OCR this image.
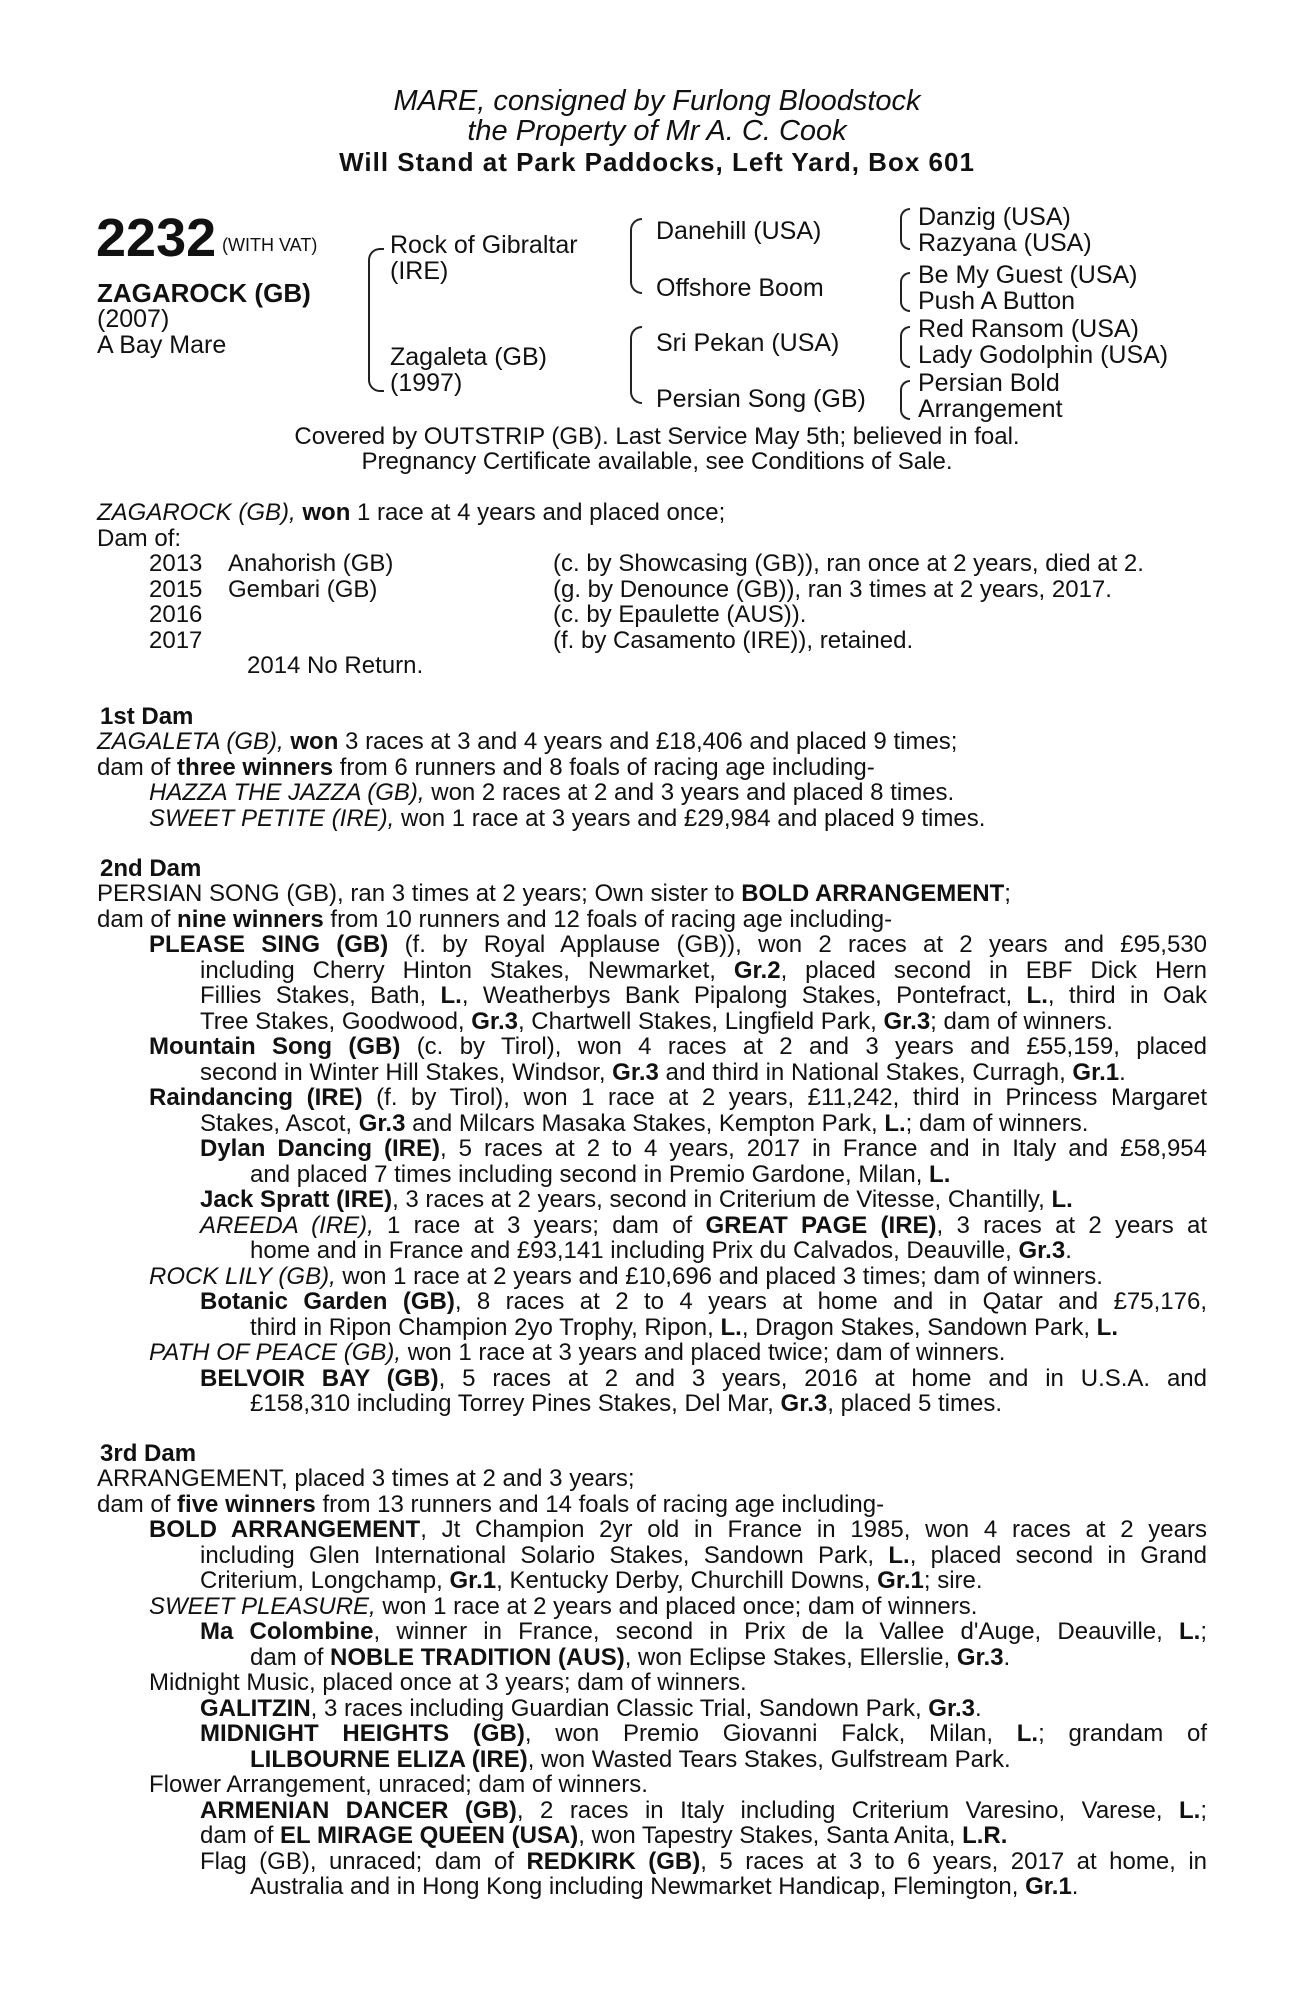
MARE, consigned by Furlong Bloodstock
the Property of Mr A. C. Cook
Will Stand at Park Paddocks, Left Yard, Box 601
2232 (WITH VAT)
ZAGAROCK (GB)
(2007)
A Bay Mare
Rock of Gibraltar
(IRE)
Zagaleta (GB)
(1997)
Danehill (USA)
Offshore Boom
Sri Pekan (USA)
Persian Song (GB)
Danzig (USA)
Razyana (USA)
Be My Guest (USA)
Push A Button
Red Ransom (USA)
Lady Godolphin (USA)
Persian Bold
Arrangement
Covered by OUTSTRIP (GB). Last Service May 5th; believed in foal.
Pregnancy Certificate available, see Conditions of Sale.
ZAGAROCK (GB), won 1 race at 4 years and placed once;
Dam of:
2013 Anahorish (GB)	(c. by Showcasing (GB)), ran once at 2 years, died at 2.
2015 Gembari (GB)	(g. by Denounce (GB)), ran 3 times at 2 years, 2017.
2016	(c. by Epaulette (AUS)).
2017	(f. by Casamento (IRE)), retained.
2014 No Return.
1st Dam
ZAGALETA (GB), won 3 races at 3 and 4 years and £18,406 and placed 9 times;
dam of three winners from 6 runners and 8 foals of racing age including-
HAZZA THE JAZZA (GB), won 2 races at 2 and 3 years and placed 8 times.
SWEET PETITE (IRE), won 1 race at 3 years and £29,984 and placed 9 times.
2nd Dam
PERSIAN SONG (GB), ran 3 times at 2 years; Own sister to BOLD ARRANGEMENT;
dam of nine winners from 10 runners and 12 foals of racing age including-
PLEASE SING (GB) (f. by Royal Applause (GB)), won 2 races at 2 years and £95,530
including Cherry Hinton Stakes, Newmarket, Gr.2, placed second in EBF Dick Hern
Fillies Stakes, Bath, L., Weatherbys Bank Pipalong Stakes, Pontefract, L., third in Oak
Tree Stakes, Goodwood, Gr.3, Chartwell Stakes, Lingfield Park, Gr.3; dam of winners.
Mountain Song (GB) (c. by Tirol), won 4 races at 2 and 3 years and £55,159, placed
second in Winter Hill Stakes, Windsor, Gr.3 and third in National Stakes, Curragh, Gr.1.
Raindancing (IRE) (f. by Tirol), won 1 race at 2 years, £11,242, third in Princess Margaret
Stakes, Ascot, Gr.3 and Milcars Masaka Stakes, Kempton Park, L.; dam of winners.
Dylan Dancing (IRE), 5 races at 2 to 4 years, 2017 in France and in Italy and £58,954
and placed 7 times including second in Premio Gardone, Milan, L.
Jack Spratt (IRE), 3 races at 2 years, second in Criterium de Vitesse, Chantilly, L.
AREEDA (IRE), 1 race at 3 years; dam of GREAT PAGE (IRE), 3 races at 2 years at
home and in France and £93,141 including Prix du Calvados, Deauville, Gr.3.
ROCK LILY (GB), won 1 race at 2 years and £10,696 and placed 3 times; dam of winners.
Botanic Garden (GB), 8 races at 2 to 4 years at home and in Qatar and £75,176,
third in Ripon Champion 2yo Trophy, Ripon, L., Dragon Stakes, Sandown Park, L.
PATH OF PEACE (GB), won 1 race at 3 years and placed twice; dam of winners.
BELVOIR BAY (GB), 5 races at 2 and 3 years, 2016 at home and in U.S.A. and
£158,310 including Torrey Pines Stakes, Del Mar, Gr.3, placed 5 times.
3rd Dam
ARRANGEMENT, placed 3 times at 2 and 3 years;
dam of five winners from 13 runners and 14 foals of racing age including-
BOLD ARRANGEMENT, Jt Champion 2yr old in France in 1985, won 4 races at 2 years
including Glen International Solario Stakes, Sandown Park, L., placed second in Grand
Criterium, Longchamp, Gr.1, Kentucky Derby, Churchill Downs, Gr.1; sire.
SWEET PLEASURE, won 1 race at 2 years and placed once; dam of winners.
Ma Colombine, winner in France, second in Prix de la Vallee d'Auge, Deauville, L.;
dam of NOBLE TRADITION (AUS), won Eclipse Stakes, Ellerslie, Gr.3.
Midnight Music, placed once at 3 years; dam of winners.
GALITZIN, 3 races including Guardian Classic Trial, Sandown Park, Gr.3.
MIDNIGHT HEIGHTS (GB), won Premio Giovanni Falck, Milan, L.; grandam of
LILBOURNE ELIZA (IRE), won Wasted Tears Stakes, Gulfstream Park.
Flower Arrangement, unraced; dam of winners.
ARMENIAN DANCER (GB), 2 races in Italy including Criterium Varesino, Varese, L.;
dam of EL MIRAGE QUEEN (USA), won Tapestry Stakes, Santa Anita, L.R.
Flag (GB), unraced; dam of REDKIRK (GB), 5 races at 3 to 6 years, 2017 at home, in
Australia and in Hong Kong including Newmarket Handicap, Flemington, Gr.1.
